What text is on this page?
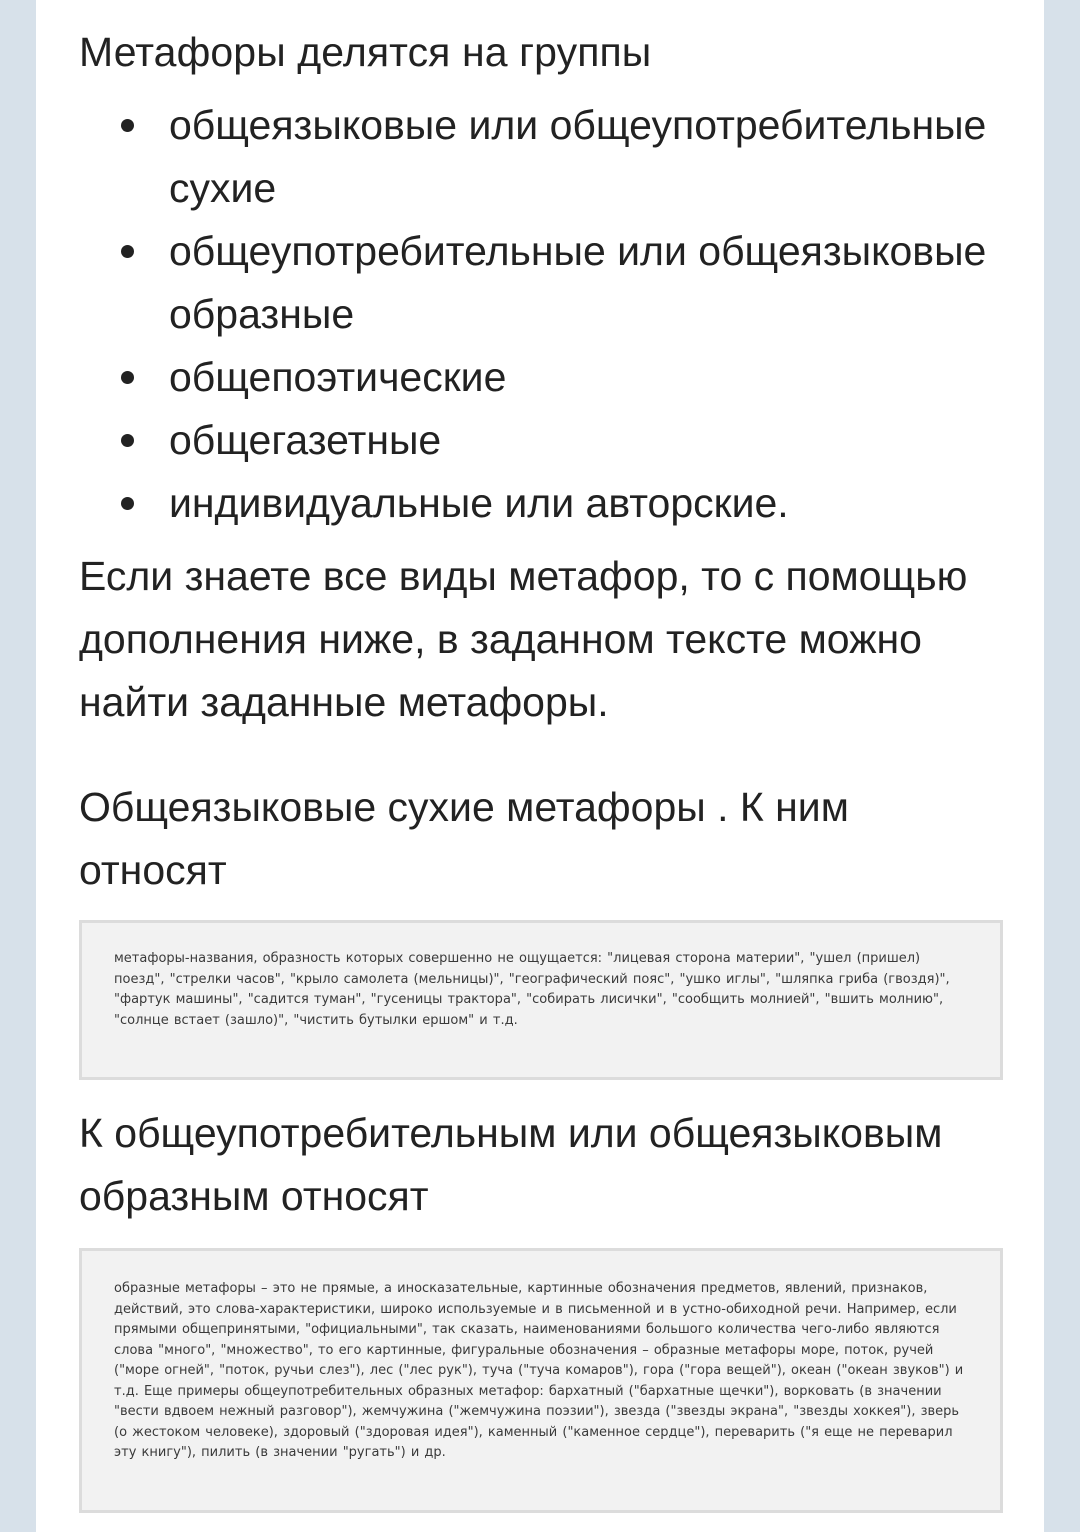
Метафоры делятся на группы

общеязыковые или общеупотребительные сухие
общеупотребительные или общеязыковые образные
общепоэтические
общегазетные
индивидуальные или авторские.

Если знаете все виды метафор, то с помощью дополнения ниже, в заданном тексте можно найти заданные метафоры.

Общеязыковые сухие метафоры . К ним относят

метафоры-названия, образность которых совершенно не ощущается: "лицевая сторона материи", "ушел (пришел) поезд", "стрелки часов", "крыло самолета (мельницы)", "географический пояс", "ушко иглы", "шляпка гриба (гвоздя)", "фартук машины", "садится туман", "гусеницы трактора", "собирать лисички", "сообщить молнией", "вшить молнию", "солнце встает (зашло)", "чистить бутылки ершом" и т.д.

К общеупотребительным или общеязыковым образным относят

образные метафоры – это не прямые, а иносказательные, картинные обозначения предметов, явлений, признаков, действий, это слова-характеристики, широко используемые и в письменной и в устно-обиходной речи. Например, если прямыми общепринятыми, "официальными", так сказать, наименованиями большого количества чего-либо являются слова "много", "множество", то его картинные, фигуральные обозначения – образные метафоры море, поток, ручей ("море огней", "поток, ручьи слез"), лес ("лес рук"), туча ("туча комаров"), гора ("гора вещей"), океан ("океан звуков") и т.д. Еще примеры общеупотребительных образных метафор: бархатный ("бархатные щечки"), ворковать (в значении "вести вдвоем нежный разговор"), жемчужина ("жемчужина поэзии"), звезда ("звезды экрана", "звезды хоккея"), зверь (о жестоком человеке), здоровый ("здоровая идея"), каменный ("каменное сердце"), переварить ("я еще не переварил эту книгу"), пилить (в значении "ругать") и др.
